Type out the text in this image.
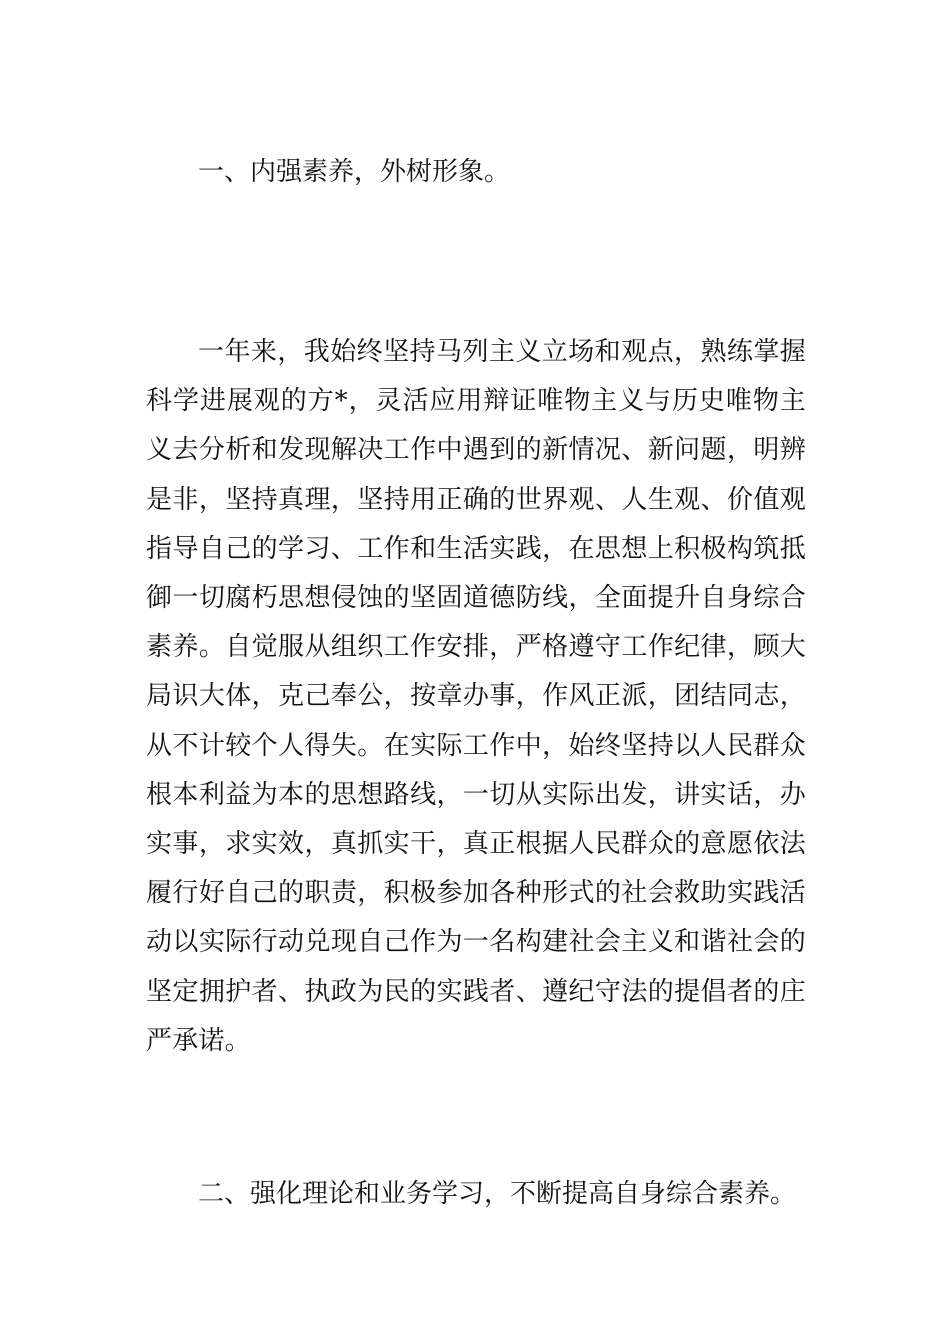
一、内强素养，外树形象。

一年来，我始终坚持马列主义立场和观点，熟练掌握科学进展观的方*，灵活应用辩证唯物主义与历史唯物主义去分析和发现解决工作中遇到的新情况、新问题，明辨是非，坚持真理，坚持用正确的世界观、人生观、价值观指导自己的学习、工作和生活实践，在思想上积极构筑抵御一切腐朽思想侵蚀的坚固道德防线，全面提升自身综合素养。自觉服从组织工作安排，严格遵守工作纪律，顾大局识大体，克己奉公，按章办事，作风正派，团结同志，从不计较个人得失。在实际工作中，始终坚持以人民群众根本利益为本的思想路线，一切从实际出发，讲实话，办实事，求实效，真抓实干，真正根据人民群众的意愿依法履行好自己的职责，积极参加各种形式的社会救助实践活动以实际行动兑现自己作为一名构建社会主义和谐社会的坚定拥护者、执政为民的实践者、遵纪守法的提倡者的庄严承诺。

二、强化理论和业务学习，不断提高自身综合素养。
